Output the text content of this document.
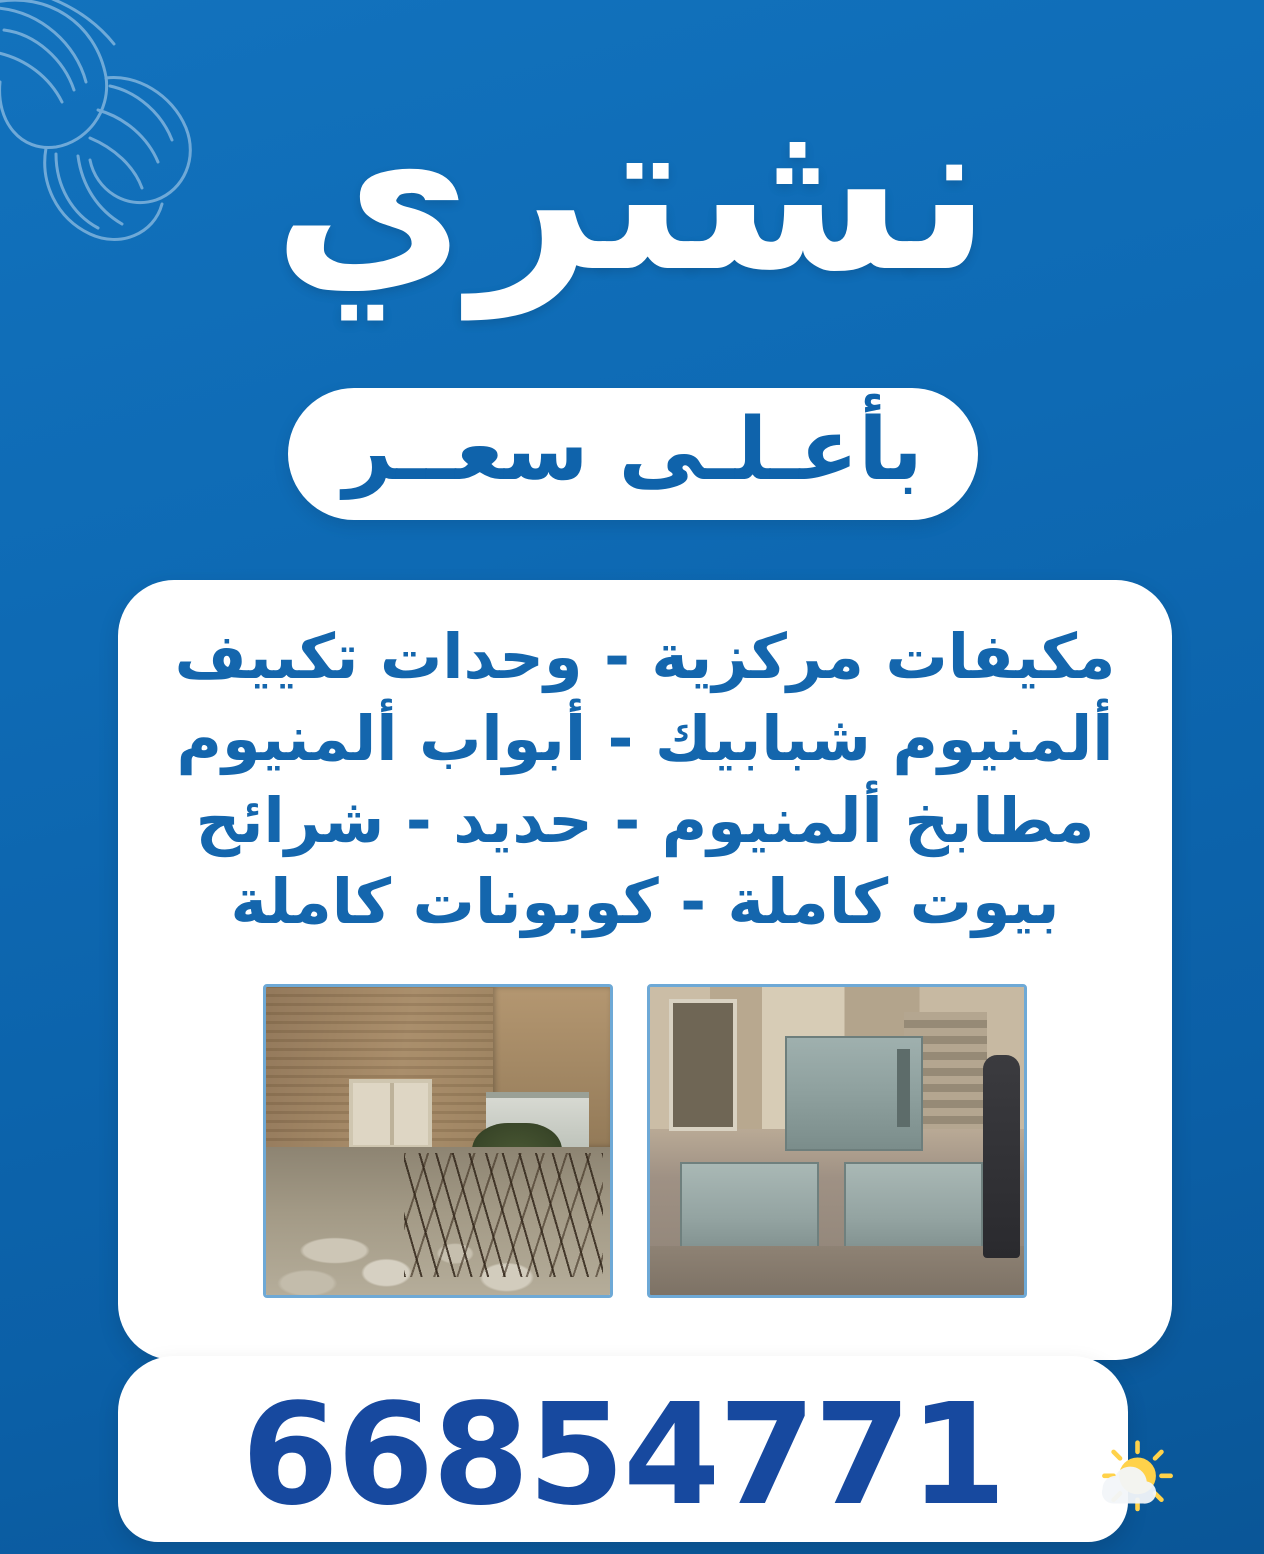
نشتري
بأعـلـى سعــر
مكيفات مركزية - وحدات تكييف
ألمنيوم شبابيك - أبواب ألمنيوم
مطابخ ألمنيوم - حديد - شرائح
بيوت كاملة - كوبونات كاملة
66854771
